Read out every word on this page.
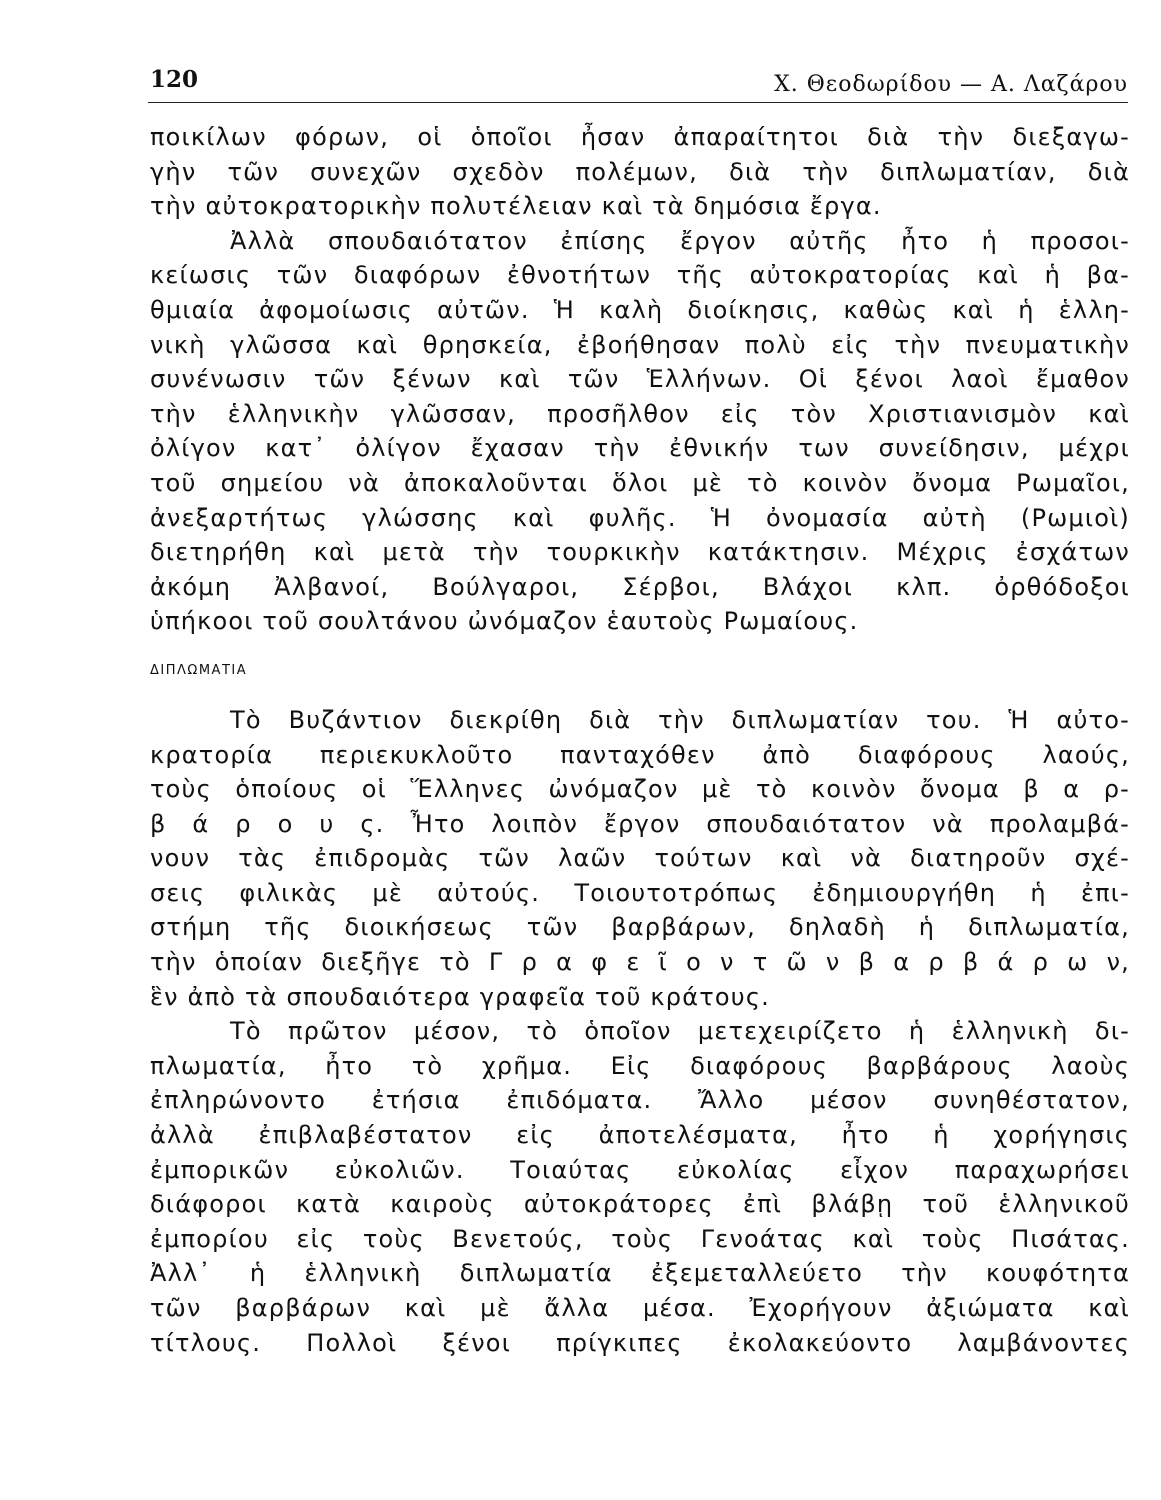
120	Χ. Θεοδωρίδου — Α. Λαζάρου
ποικίλων φόρων, οἱ ὁποῖοι ἦσαν ἀπαραίτητοι διὰ τὴν διεξαγω-
γὴν τῶν συνεχῶν σχεδὸν πολέμων, διὰ τὴν διπλωματίαν, διὰ
τὴν αὐτοκρατορικὴν πολυτέλειαν καὶ τὰ δημόσια ἔργα.
Ἀλλὰ σπουδαιότατον ἐπίσης ἔργον αὐτῆς ἦτο ἡ προσοι-
κείωσις τῶν διαφόρων ἐθνοτήτων τῆς αὐτοκρατορίας καὶ ἡ βα-
θμιαία ἀφομοίωσις αὐτῶν. Ἡ καλὴ διοίκησις, καθὼς καὶ ἡ ἑλλη-
νικὴ γλῶσσα καὶ θρησκεία, ἐβοήθησαν πολὺ εἰς τὴν πνευματικὴν
συνένωσιν τῶν ξένων καὶ τῶν Ἑλλήνων. Οἱ ξένοι λαοὶ ἔμαθον
τὴν ἑλληνικὴν γλῶσσαν, προσῆλθον εἰς τὸν Χριστιανισμὸν καὶ
ὀλίγον κατ᾽ ὀλίγον ἔχασαν τὴν ἐθνικήν των συνείδησιν, μέχρι
τοῦ σημείου νὰ ἀποκαλοῦνται ὅλοι μὲ τὸ κοινὸν ὄνομα Ρωμαῖοι,
ἀνεξαρτήτως γλώσσης καὶ φυλῆς. Ἡ ὀνομασία αὐτὴ (Ρωμιοὶ)
διετηρήθη καὶ μετὰ τὴν τουρκικὴν κατάκτησιν. Μέχρις ἐσχάτων
ἀκόμη Ἀλβανοί, Βούλγαροι, Σέρβοι, Βλάχοι κλπ. ὀρθόδοξοι
ὑπήκοοι τοῦ σουλτάνου ὠνόμαζον ἑαυτοὺς Ρωμαίους.
ΔΙΠΛΩΜΑΤΙΑ
Τὸ Βυζάντιον διεκρίθη διὰ τὴν διπλωματίαν του. Ἡ αὐτο-
κρατορία περιεκυκλοῦτο πανταχόθεν ἀπὸ διαφόρους λαούς,
τοὺς ὁποίους οἱ Ἕλληνες ὠνόμαζον μὲ τὸ κοινὸν ὄνομα β α ρ-
β ά ρ ο υ ς. Ἦτο λοιπὸν ἔργον σπουδαιότατον νὰ προλαμβά-
νουν τὰς ἐπιδρομὰς τῶν λαῶν τούτων καὶ νὰ διατηροῦν σχέ-
σεις φιλικὰς μὲ αὐτούς. Τοιουτοτρόπως ἐδημιουργήθη ἡ ἐπι-
στήμη τῆς διοικήσεως τῶν βαρβάρων, δηλαδὴ ἡ διπλωματία,
τὴν ὁποίαν διεξῆγε τὸ Γ ρ α φ ε ῖ ο ν τ ῶ ν β α ρ β ά ρ ω ν,
ἓν ἀπὸ τὰ σπουδαιότερα γραφεῖα τοῦ κράτους.
Τὸ πρῶτον μέσον, τὸ ὁποῖον μετεχειρίζετο ἡ ἑλληνικὴ δι-
πλωματία, ἦτο τὸ χρῆμα. Εἰς διαφόρους βαρβάρους λαοὺς
ἐπληρώνοντο ἐτήσια ἐπιδόματα. Ἄλλο μέσον συνηθέστατον,
ἀλλὰ ἐπιβλαβέστατον εἰς ἀποτελέσματα, ἦτο ἡ χορήγησις
ἐμπορικῶν εὐκολιῶν. Τοιαύτας εὐκολίας εἶχον παραχωρήσει
διάφοροι κατὰ καιροὺς αὐτοκράτορες ἐπὶ βλάβῃ τοῦ ἑλληνικοῦ
ἐμπορίου εἰς τοὺς Βενετούς, τοὺς Γενοάτας καὶ τοὺς Πισάτας.
Ἀλλ᾽ ἡ ἑλληνικὴ διπλωματία ἐξεμεταλλεύετο τὴν κουφότητα
τῶν βαρβάρων καὶ μὲ ἄλλα μέσα. Ἐχορήγουν ἀξιώματα καὶ
τίτλους. Πολλοὶ ξένοι πρίγκιπες ἐκολακεύοντο λαμβάνοντες
